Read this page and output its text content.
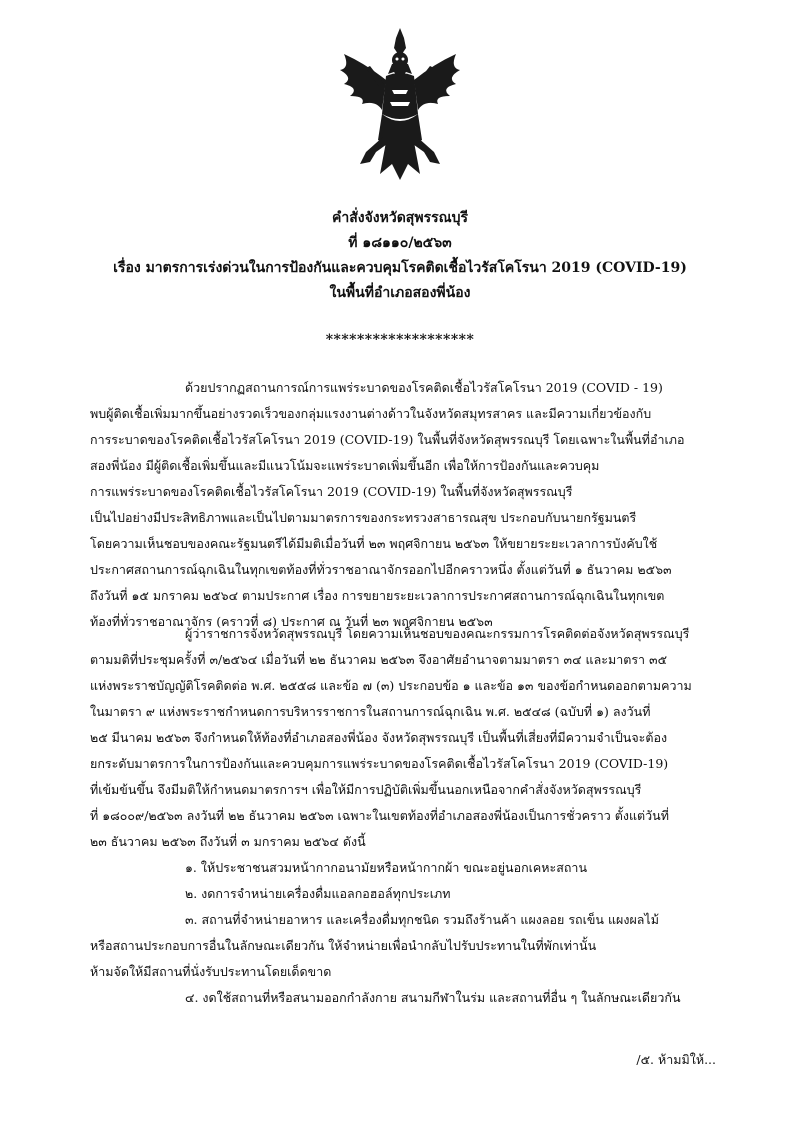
คำสั่งจังหวัดสุพรรณบุรี
ที่ ๑๘๑๑๐/๒๕๖๓
เรื่อง มาตรการเร่งด่วนในการป้องกันและควบคุมโรคติดเชื้อไวรัสโคโรนา 2019 (COVID-19)
ในพื้นที่อำเภอสองพี่น้อง
*******************
ด้วยปรากฏสถานการณ์การแพร่ระบาดของโรคติดเชื้อไวรัสโคโรนา 2019 (COVID - 19)
พบผู้ติดเชื้อเพิ่มมากขึ้นอย่างรวดเร็วของกลุ่มแรงงานต่างด้าวในจังหวัดสมุทรสาคร และมีความเกี่ยวข้องกับ
การระบาดของโรคติดเชื้อไวรัสโคโรนา 2019 (COVID-19) ในพื้นที่จังหวัดสุพรรณบุรี โดยเฉพาะในพื้นที่อำเภอ
สองพี่น้อง มีผู้ติดเชื้อเพิ่มขึ้นและมีแนวโน้มจะแพร่ระบาดเพิ่มขึ้นอีก เพื่อให้การป้องกันและควบคุม
การแพร่ระบาดของโรคติดเชื้อไวรัสโคโรนา 2019 (COVID-19) ในพื้นที่จังหวัดสุพรรณบุรี
เป็นไปอย่างมีประสิทธิภาพและเป็นไปตามมาตรการของกระทรวงสาธารณสุข ประกอบกับนายกรัฐมนตรี
โดยความเห็นชอบของคณะรัฐมนตรีได้มีมติเมื่อวันที่ ๒๓ พฤศจิกายน ๒๕๖๓ ให้ขยายระยะเวลาการบังคับใช้
ประกาศสถานการณ์ฉุกเฉินในทุกเขตท้องที่ทั่วราชอาณาจักรออกไปอีกคราวหนึ่ง ตั้งแต่วันที่ ๑ ธันวาคม ๒๕๖๓
ถึงวันที่ ๑๕ มกราคม ๒๕๖๔ ตามประกาศ เรื่อง การขยายระยะเวลาการประกาศสถานการณ์ฉุกเฉินในทุกเขต
ท้องที่ทั่วราชอาณาจักร (คราวที่ ๘) ประกาศ ณ วันที่ ๒๓ พฤศจิกายน ๒๕๖๓
ผู้ว่าราชการจังหวัดสุพรรณบุรี โดยความเห็นชอบของคณะกรรมการโรคติดต่อจังหวัดสุพรรณบุรี
ตามมติที่ประชุมครั้งที่ ๓/๒๕๖๔ เมื่อวันที่ ๒๒ ธันวาคม ๒๕๖๓ จึงอาศัยอำนาจตามมาตรา ๓๔ และมาตรา ๓๕
แห่งพระราชบัญญัติโรคติดต่อ พ.ศ. ๒๕๕๘ และข้อ ๗ (๓) ประกอบข้อ ๑ และข้อ ๑๓ ของข้อกำหนดออกตามความ
ในมาตรา ๙ แห่งพระราชกำหนดการบริหารราชการในสถานการณ์ฉุกเฉิน พ.ศ. ๒๕๔๘ (ฉบับที่ ๑) ลงวันที่
๒๕ มีนาคม ๒๕๖๓ จึงกำหนดให้ท้องที่อำเภอสองพี่น้อง จังหวัดสุพรรณบุรี เป็นพื้นที่เสี่ยงที่มีความจำเป็นจะต้อง
ยกระดับมาตรการในการป้องกันและควบคุมการแพร่ระบาดของโรคติดเชื้อไวรัสโคโรนา 2019 (COVID-19)
ที่เข้มข้นขึ้น จึงมีมติให้กำหนดมาตรการฯ เพื่อให้มีการปฏิบัติเพิ่มขึ้นนอกเหนือจากคำสั่งจังหวัดสุพรรณบุรี
ที่ ๑๘๐๐๙/๒๕๖๓ ลงวันที่ ๒๒ ธันวาคม ๒๕๖๓ เฉพาะในเขตท้องที่อำเภอสองพี่น้องเป็นการชั่วคราว ตั้งแต่วันที่
๒๓ ธันวาคม ๒๕๖๓ ถึงวันที่ ๓ มกราคม ๒๕๖๔ ดังนี้
๑. ให้ประชาชนสวมหน้ากากอนามัยหรือหน้ากากผ้า ขณะอยู่นอกเคหะสถาน
๒. งดการจำหน่ายเครื่องดื่มแอลกอฮอล์ทุกประเภท
๓. สถานที่จำหน่ายอาหาร และเครื่องดื่มทุกชนิด รวมถึงร้านค้า แผงลอย รถเข็น แผงผลไม้
หรือสถานประกอบการอื่นในลักษณะเดียวกัน ให้จำหน่ายเพื่อนำกลับไปรับประทานในที่พักเท่านั้น
ห้ามจัดให้มีสถานที่นั่งรับประทานโดยเด็ดขาด
๔. งดใช้สถานที่หรือสนามออกกำลังกาย สนามกีฬาในร่ม และสถานที่อื่น ๆ ในลักษณะเดียวกัน
/๕. ห้ามมิให้...
